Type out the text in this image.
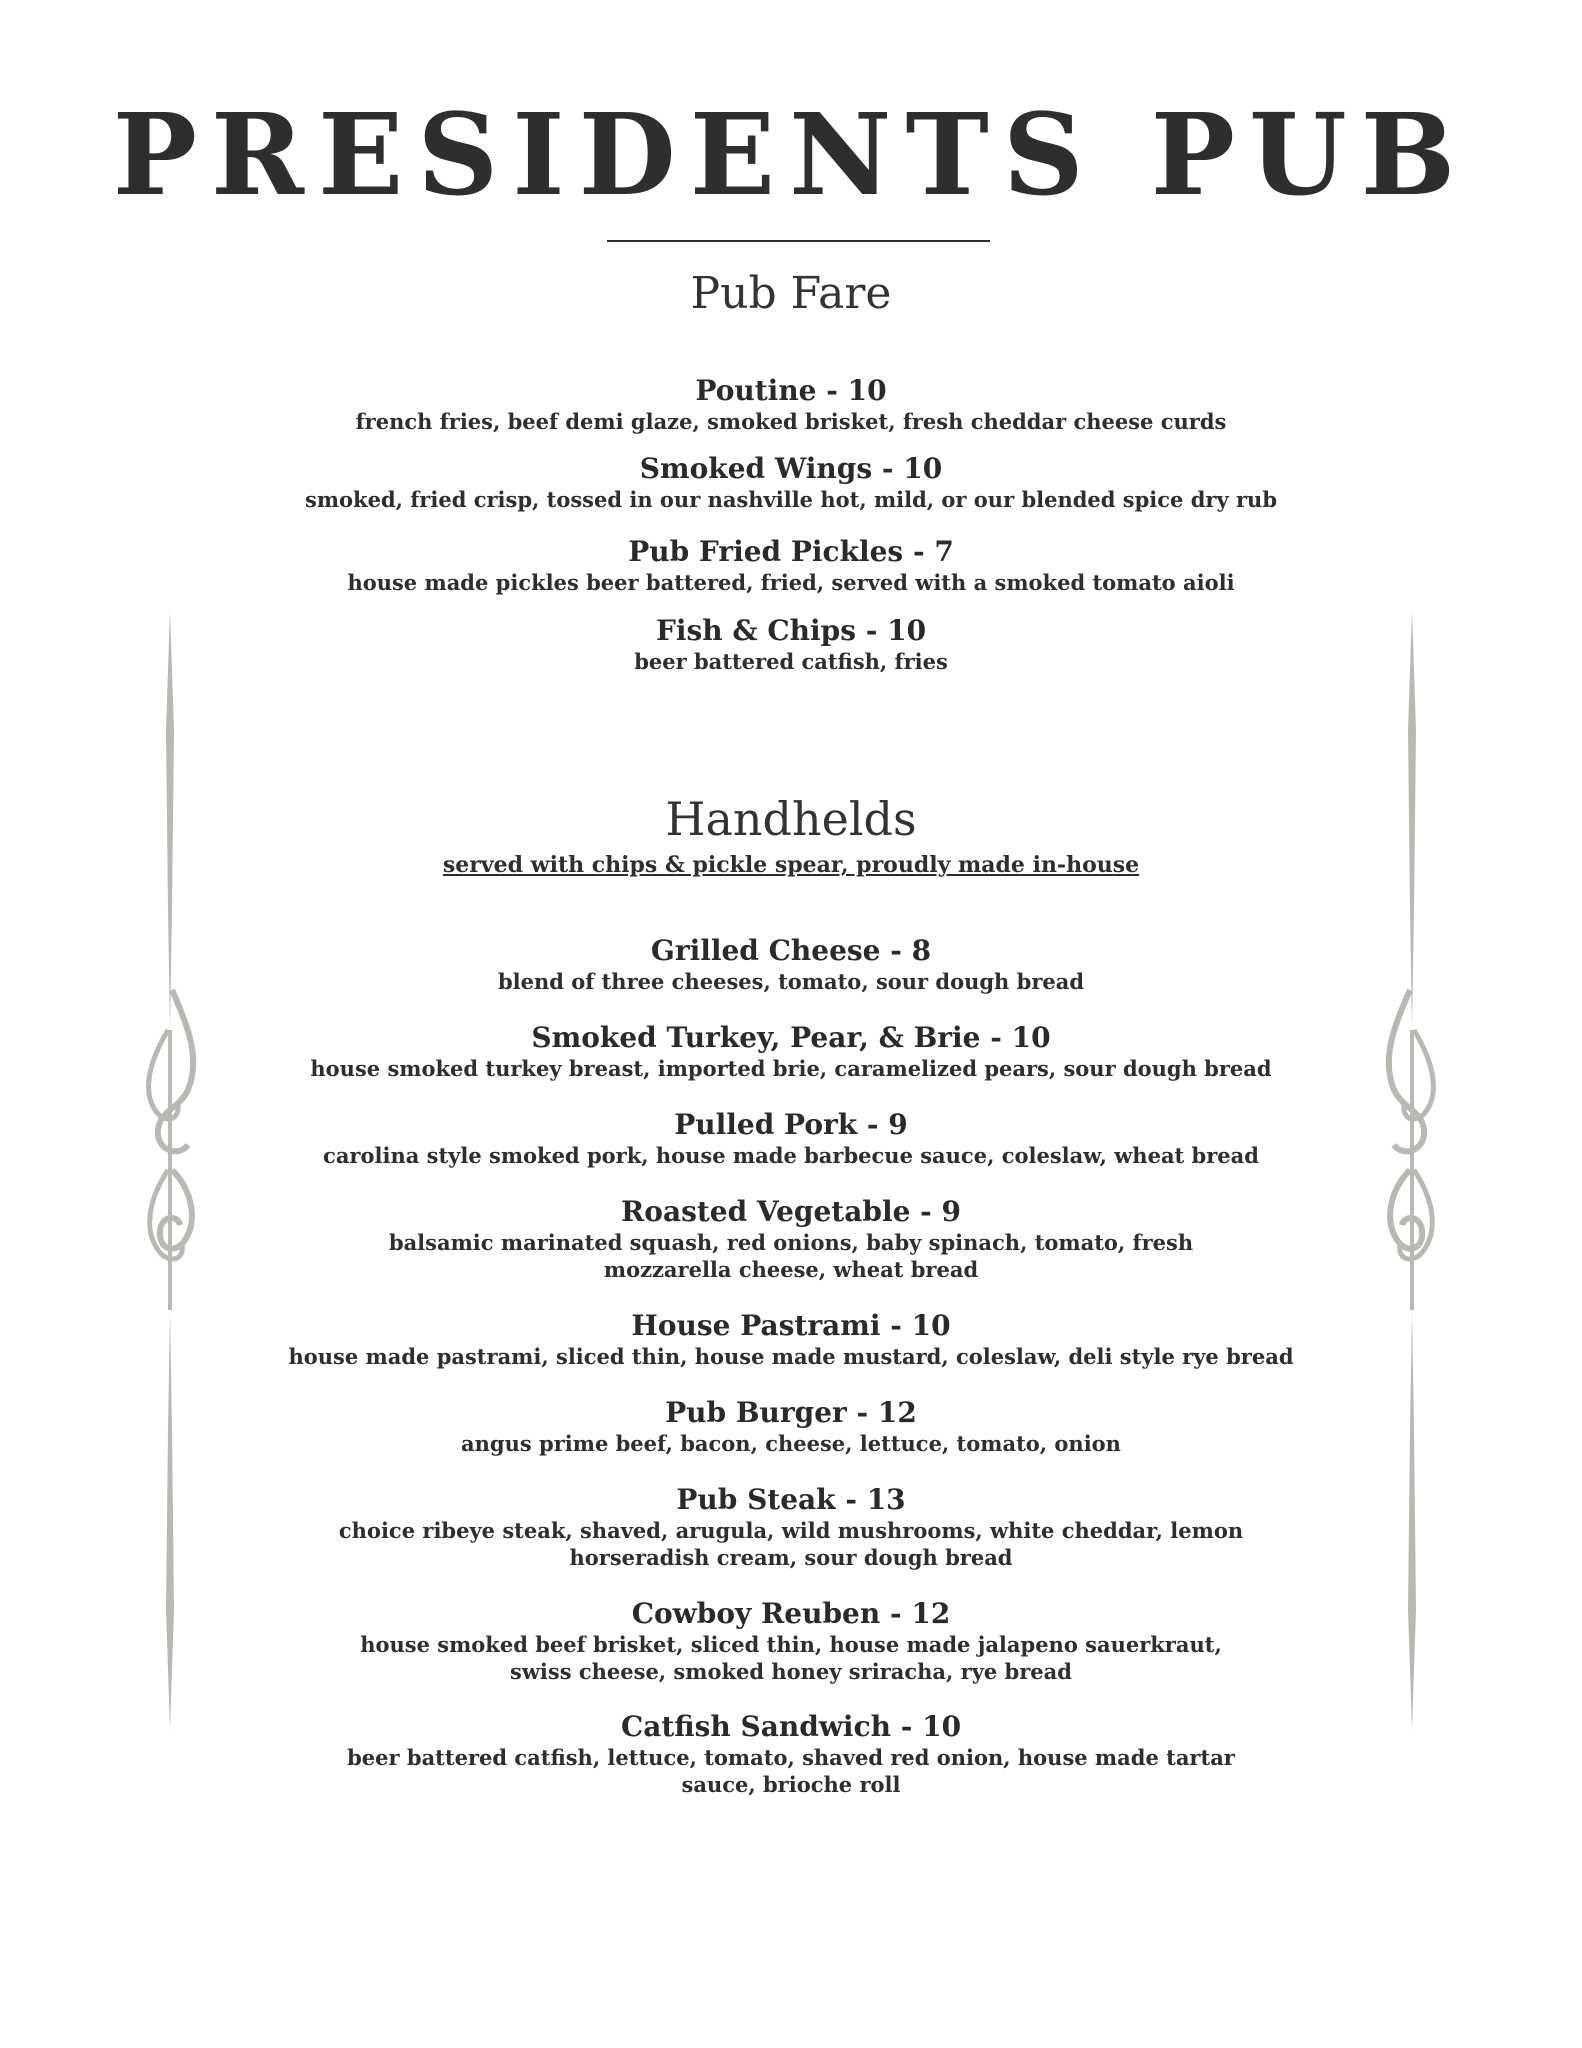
PRESIDENTS PUB
Pub Fare
Poutine - 10
french fries, beef demi glaze, smoked brisket, fresh cheddar cheese curds
Smoked Wings - 10
smoked, fried crisp, tossed in our nashville hot, mild, or our blended spice dry rub
Pub Fried Pickles - 7
house made pickles beer battered, fried, served with a smoked tomato aioli
Fish & Chips - 10
beer battered catfish, fries
Handhelds
served with chips & pickle spear, proudly made in-house
Grilled Cheese - 8
blend of three cheeses, tomato, sour dough bread
Smoked Turkey, Pear, & Brie - 10
house smoked turkey breast, imported brie, caramelized pears, sour dough bread
Pulled Pork - 9
carolina style smoked pork, house made barbecue sauce, coleslaw, wheat bread
Roasted Vegetable - 9
balsamic marinated squash, red onions, baby spinach, tomato, fresh mozzarella cheese, wheat bread
House Pastrami - 10
house made pastrami, sliced thin, house made mustard, coleslaw, deli style rye bread
Pub Burger - 12
angus prime beef, bacon, cheese, lettuce, tomato, onion
Pub Steak - 13
choice ribeye steak, shaved, arugula, wild mushrooms, white cheddar, lemon horseradish cream, sour dough bread
Cowboy Reuben - 12
house smoked beef brisket, sliced thin, house made jalapeno sauerkraut, swiss cheese, smoked honey sriracha, rye bread
Catfish Sandwich - 10
beer battered catfish, lettuce, tomato, shaved red onion, house made tartar sauce, brioche roll
